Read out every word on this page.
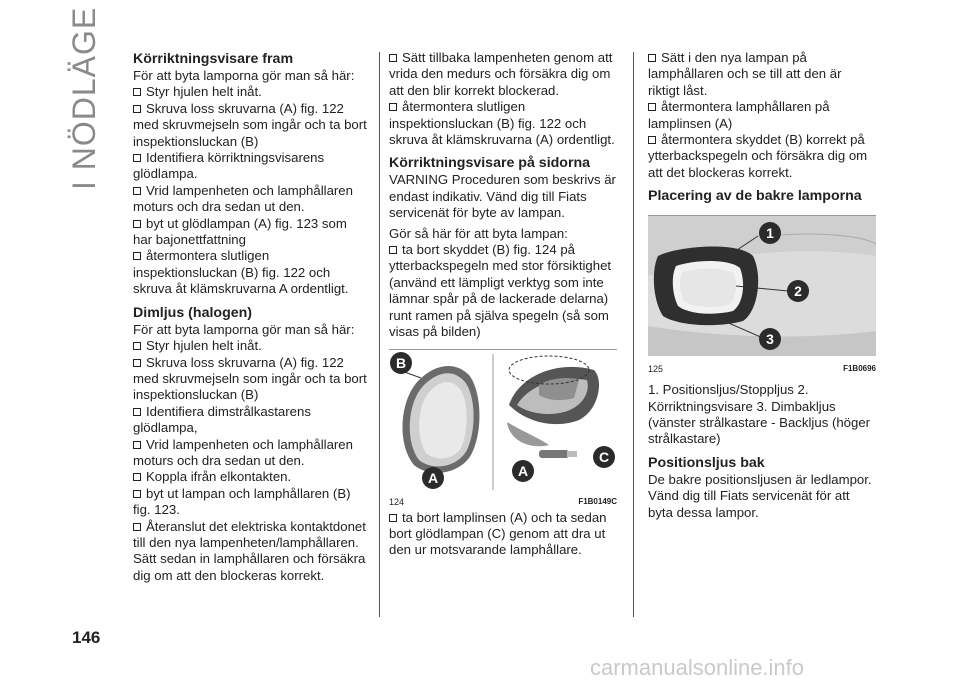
I NÖDLÄGE Körriktningsvisare fram

För att byta lamporna gör man så här:

Styr hjulen helt inåt.
Skruva loss skruvarna (A) fig. 122 med skruvmejseln som ingår och ta bort inspektionsluckan (B)
Identifiera körriktningsvisarens glödlampa.
Vrid lampenheten och lamphållaren moturs och dra sedan ut den.
byt ut glödlampan (A) fig. 123 som har bajonettfattning
återmontera slutligen inspektionsluckan (B) fig. 122 och skruva åt klämskruvarna A ordentligt.
Dimljus (halogen)

För att byta lamporna gör man så här:

Styr hjulen helt inåt.
Skruva loss skruvarna (A) fig. 122 med skruvmejseln som ingår och ta bort inspektionsluckan (B)
Identifiera dimstrålkastarens glödlampa,
Vrid lampenheten och lamphållaren moturs och dra sedan ut den.
Koppla ifrån elkontakten.
byt ut lampan och lamphållaren (B) fig. 123.
Återanslut det elektriska kontaktdonet till den nya lampenheten/lamphållaren. Sätt sedan in lamphållaren och försäkra dig om att den blockeras korrekt.
Sätt tillbaka lampenheten genom att vrida den medurs och försäkra dig om att den blir korrekt blockerad.
återmontera slutligen inspektionsluckan (B) fig. 122 och skruva åt klämskruvarna (A) ordentligt.
Körriktningsvisare på sidorna

VARNING Proceduren som beskrivs är endast indikativ. Vänd dig till Fiats servicenät för byte av lampan.

Gör så här för att byta lampan:

ta bort skyddet (B) fig. 124 på ytterbackspegeln med stor försiktighet (använd ett lämpligt verktyg som inte lämnar spår på de lackerade delarna) runt ramen på själva spegeln (så som visas på bilden)
B
A	A
C
124	F1B0149C
ta bort lamplinsen (A) och ta sedan bort glödlampan (C) genom att dra ut den ur motsvarande lamphållare.
Sätt i den nya lampan på lamphållaren och se till att den är riktigt låst.
återmontera lamphållaren på lamplinsen (A)
återmontera skyddet (B) korrekt på ytterbackspegeln och försäkra dig om att det blockeras korrekt.
Placering av de bakre lamporna
1
2
3
125	F1B0696

1. Positionsljus/Stoppljus 2. Körriktningsvisare 3. Dimbakljus (vänster strålkastare - Backljus (höger strålkastare)

Positionsljus bak

De bakre positionsljusen är ledlampor. Vänd dig till Fiats servicenät för att byta dessa lampor.

146
carmanualsonline.info
